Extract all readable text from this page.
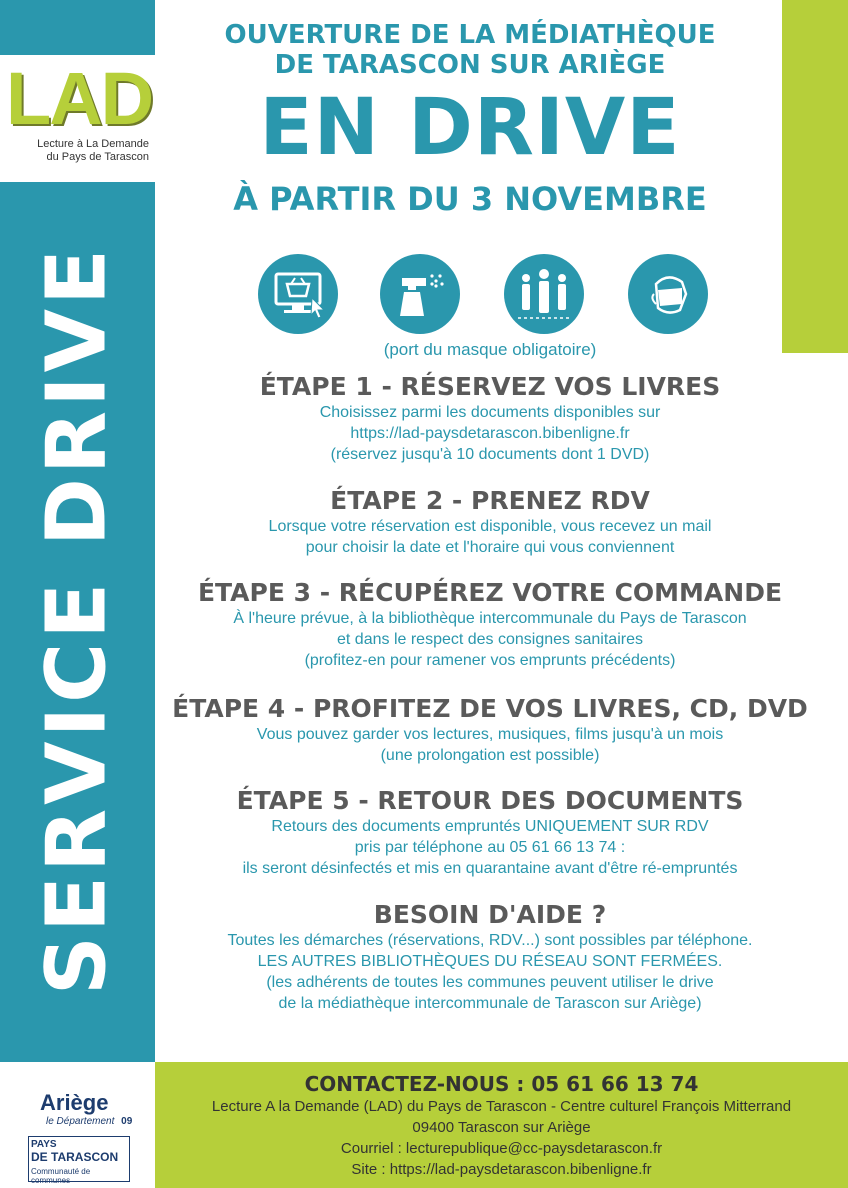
LAD
Lecture à La Demande
du Pays de Tarascon
SERVICE DRIVE
Ariège
le Département 09
PAYS
DE TARASCON
Communauté de communes
OUVERTURE DE LA MÉDIATHÈQUE
DE TARASCON SUR ARIÈGE
EN DRIVE
À PARTIR DU 3 NOVEMBRE
(port du masque obligatoire)
ÉTAPE 1 - RÉSERVEZ VOS LIVRES
Choisissez parmi les documents disponibles sur
https://lad-paysdetarascon.bibenligne.fr
(réservez jusqu'à 10 documents dont 1 DVD)
ÉTAPE 2 - PRENEZ RDV
Lorsque votre réservation est disponible, vous recevez un mail
pour choisir la date et l'horaire qui vous conviennent
ÉTAPE 3 - RÉCUPÉREZ VOTRE COMMANDE
À l'heure prévue, à la bibliothèque intercommunale du Pays de Tarascon
et dans le respect des consignes sanitaires
(profitez-en pour ramener vos emprunts précédents)
ÉTAPE 4 - PROFITEZ DE VOS LIVRES, CD, DVD
Vous pouvez garder vos lectures, musiques, films jusqu'à un mois
(une prolongation est possible)
ÉTAPE 5 - RETOUR DES DOCUMENTS
Retours des documents empruntés UNIQUEMENT SUR RDV
pris par téléphone au 05 61 66 13 74 :
ils seront désinfectés et mis en quarantaine avant d'être ré-empruntés
BESOIN D'AIDE ?
Toutes les démarches (réservations, RDV...) sont possibles par téléphone.
LES AUTRES BIBLIOTHÈQUES DU RÉSEAU SONT FERMÉES.
(les adhérents de toutes les communes peuvent utiliser le drive
de la médiathèque intercommunale de Tarascon sur Ariège)
CONTACTEZ-NOUS : 05 61 66 13 74
Lecture A la Demande (LAD) du Pays de Tarascon - Centre culturel François Mitterrand
09400 Tarascon sur Ariège
Courriel : lecturepublique@cc-paysdetarascon.fr
Site : https://lad-paysdetarascon.bibenligne.fr
